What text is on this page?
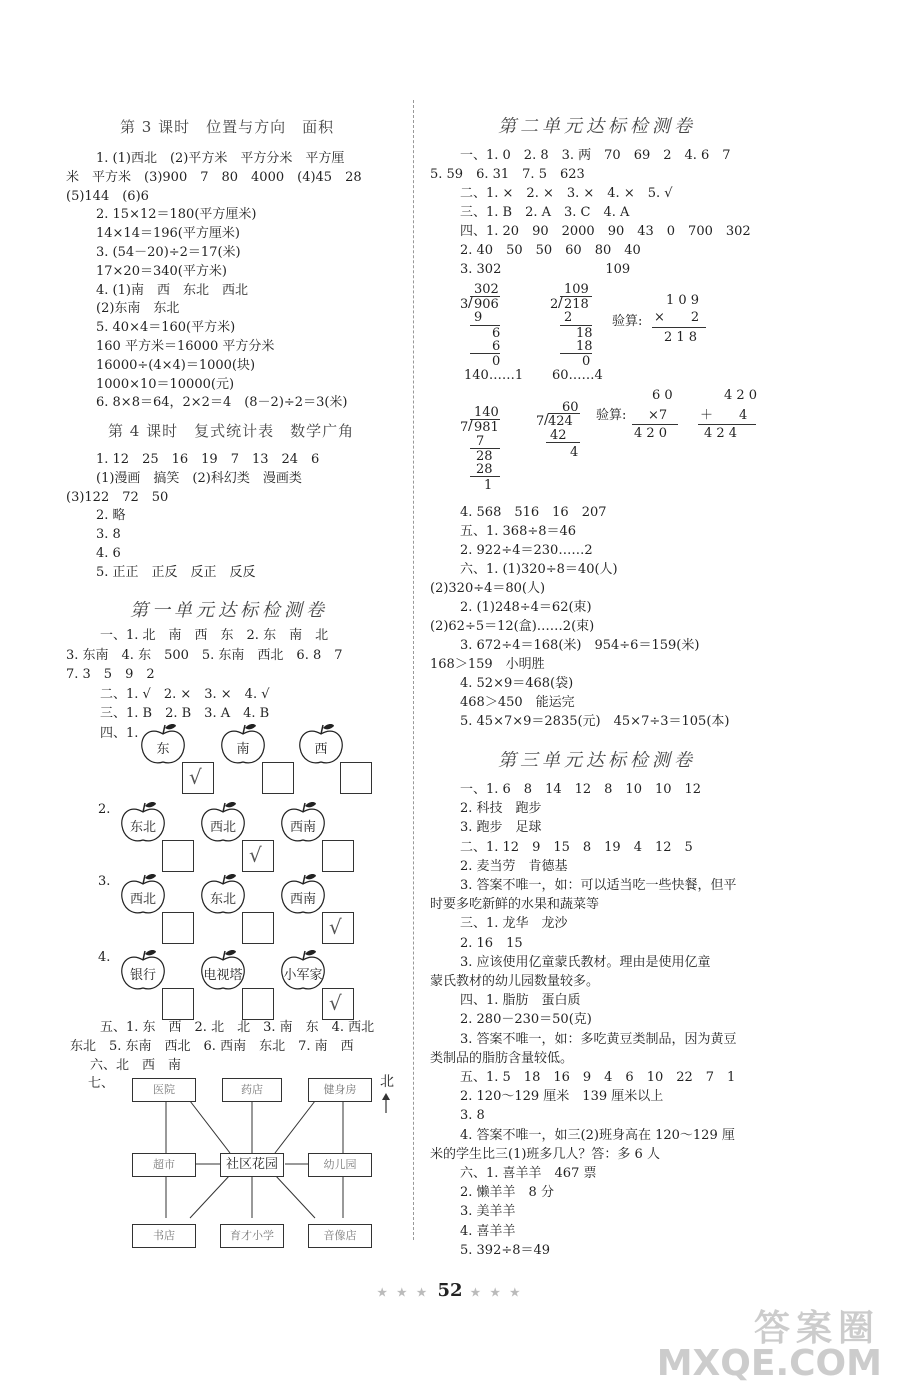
第 3 课时　位置与方向　面积
1. (1)西北　(2)平方米　平方分米　平方厘
米　平方米　(3)900　7　80　4000　(4)45　28
(5)144　(6)6
2. 15×12＝180(平方厘米)
14×14＝196(平方厘米)
3. (54－20)÷2＝17(米)
17×20＝340(平方米)
4. (1)南　西　东北　西北
(2)东南　东北
5. 40×4＝160(平方米)
160 平方米＝16000 平方分米
16000÷(4×4)＝1000(块)
1000×10＝10000(元)
6. 8×8＝64，2×2＝4　(8－2)÷2＝3(米)
第 4 课时　复式统计表　数学广角
1. 12　25　16　19　7　13　24　6
(1)漫画　搞笑　(2)科幻类　漫画类
(3)122　72　50
2. 略
3. 8
4. 6
5. 正正　正反　反正　反反
第一单元达标检测卷
一、1. 北　南　西　东　2. 东　南　北
3. 东南　4. 东　500　5. 东南　西北　6. 8　7
7. 3　5　9　2
二、1. √　2. ×　3. ×　4. √
三、1. B　2. B　3. A　4. B
四、1.
东
√
南	西
2.
东北	西北
√
西南
3.
西北	东北	西南
√
4.
银行	电视塔	小军家
√
五、1. 东　西　2. 北　北　3. 南　东　4. 西北
东北　5. 东南　西北　6. 西南　东北　7. 南　西
六、北　西　南
七、	北
医院	药店	健身房
超市	社区花园	幼儿园
书店	育才小学	音像店
第二单元达标检测卷
一、1. 0　2. 8　3. 两　70　69　2　4. 6　7
5. 59　6. 31　7. 5　623
二、1. ×　2. ×　3. ×　4. ×　5. √
三、1. B　2. A　3. C　4. A
四、1. 20　90　2000　90　43　0　700　302
2. 40　50　50　60　80　40
3. 302　　　　　　　　109
302
3 / 906
9
6
6
0
109
2 / 218
2
18
18
0
验算:
1 0 9
×　　2
2 1 8
140……1 60……4
140
7 / 981
7
28
28
1
60
7 / 424
42
4
验算:
6 0
×7
4 2 0
4 2 0
＋　　4
4 2 4
4. 568　516　16　207
五、1. 368÷8＝46
2. 922÷4＝230……2
六、1. (1)320÷8＝40(人)
(2)320÷4＝80(人)
2. (1)248÷4＝62(束)
(2)62÷5＝12(盒)……2(束)
3. 672÷4＝168(米)　954÷6＝159(米)
168＞159　小明胜
4. 52×9＝468(袋)
468＞450　能运完
5. 45×7×9＝2835(元)　45×7÷3＝105(本)
第三单元达标检测卷
一、1. 6　8　14　12　8　10　10　12
2. 科技　跑步
3. 跑步　足球
二、1. 12　9　15　8　19　4　12　5
2. 麦当劳　肯德基
3. 答案不唯一，如：可以适当吃一些快餐，但平
时要多吃新鲜的水果和蔬菜等
三、1. 龙华　龙沙
2. 16　15
3. 应该使用亿童蒙氏教材。理由是使用亿童
蒙氏教材的幼儿园数量较多。
四、1. 脂肪　蛋白质
2. 280－230＝50(克)
3. 答案不唯一，如：多吃黄豆类制品，因为黄豆
类制品的脂肪含量较低。
五、1. 5　18　16　9　4　6　10　22　7　1
2. 120～129 厘米　139 厘米以上
3. 8
4. 答案不唯一，如三(2)班身高在 120～129 厘
米的学生比三(1)班多几人？答：多 6 人
六、1. 喜羊羊　467 票
2. 懒羊羊　8 分
3. 美羊羊
4. 喜羊羊
5. 392÷8＝49
★ ★ ★ 52 ★ ★ ★
答案圈
MXQE.COM
